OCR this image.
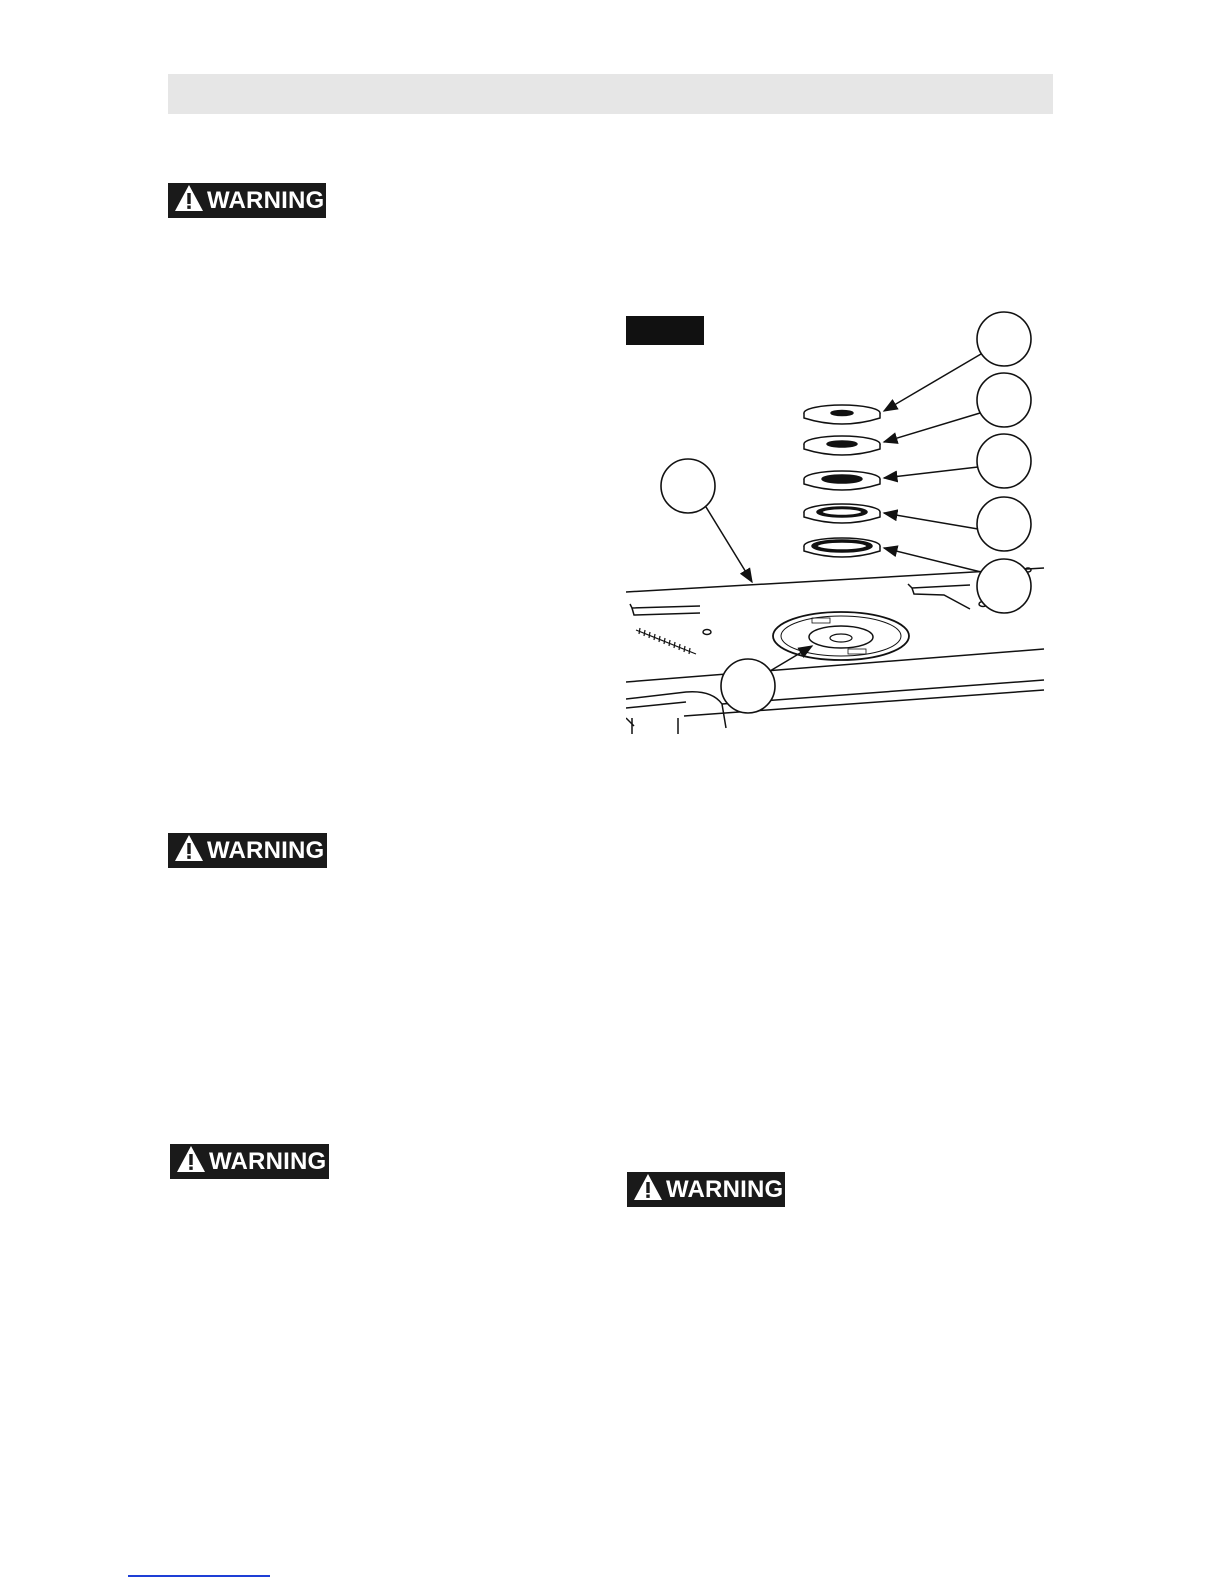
WARNING
WARNING
WARNING
WARNING
